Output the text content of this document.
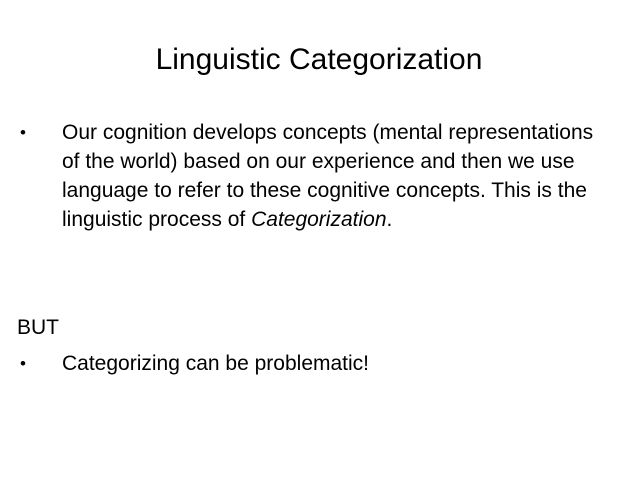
Linguistic Categorization
•	Our cognition develops concepts (mental representations of the world) based on our experience and then we use language to refer to these cognitive concepts. This is the linguistic process of Categorization.
BUT
•	Categorizing can be problematic!
